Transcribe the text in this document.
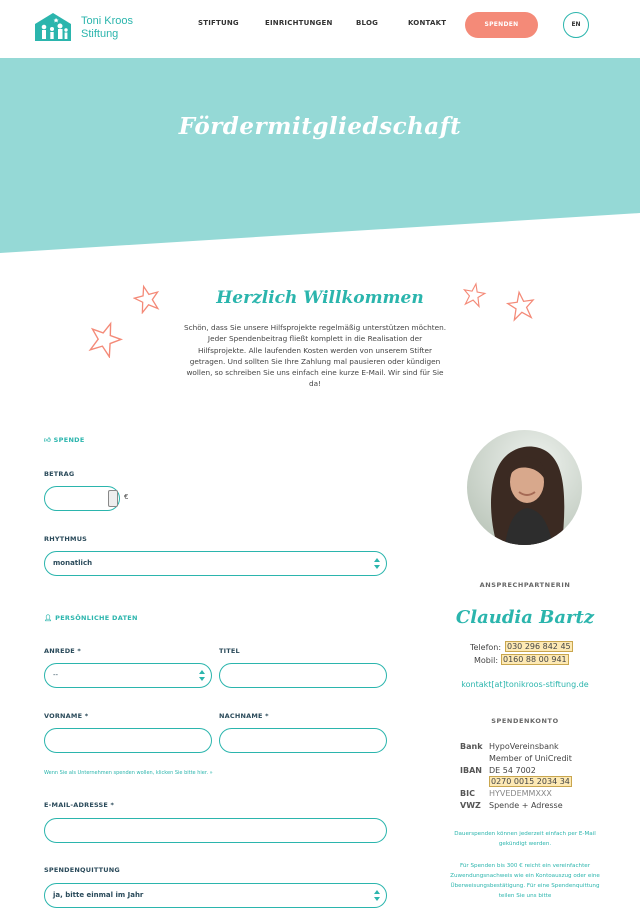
Toni Kroos
Stiftung
STIFTUNG	EINRICHTUNGEN	BLOG	KONTAKT	SPENDEN	EN
Fördermitgliedschaft
Herzlich Willkommen
Schön, dass Sie unsere Hilfsprojekte regelmäßig unterstützen möchten. Jeder Spendenbeitrag fließt komplett in die Realisation der Hilfsprojekte. Alle laufenden Kosten werden von unserem Stifter getragen. Und sollten Sie Ihre Zahlung mal pausieren oder kündigen wollen, so schreiben Sie uns einfach eine kurze E-Mail. Wir sind für Sie da!
👍︎ SPENDE
BETRAG
€
RHYTHMUS
monatlich
👤︎ PERSÖNLICHE DATEN
ANREDE *
--
TITEL
VORNAME *	NACHNAME *
Wenn Sie als Unternehmen spenden wollen, klicken Sie bitte hier. »
E-MAIL-ADRESSE *
SPENDENQUITTUNG
ja, bitte einmal im Jahr
ANSPRECHPARTNERIN
Claudia Bartz
Telefon: 030 296 842 45
Mobil: 0160 88 00 941
kontakt[at]tonikroos-stiftung.de
SPENDENKONTO
Bank HypoVereinsbank
Member of UniCredit
IBAN DE 54 7002
0270 0015 2034 34
BIC HYVEDEMMXXX
VWZ Spende + Adresse
Dauerspenden können jederzeit einfach per E-Mail gekündigt werden.
Für Spenden bis 300 € reicht ein vereinfachter Zuwendungsnachweis wie ein Kontoauszug oder eine Überweisungsbestätigung. Für eine Spendenquittung teilen Sie uns bitte
